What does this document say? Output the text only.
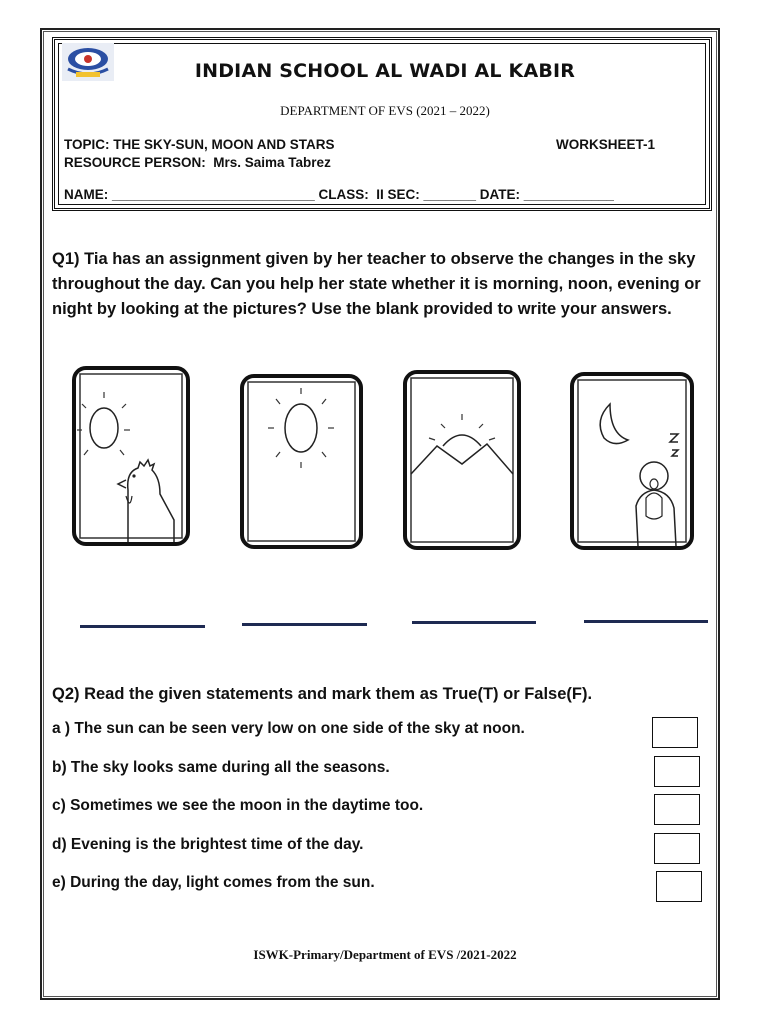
INDIAN SCHOOL AL WADI AL KABIR
DEPARTMENT OF EVS (2021 – 2022)
TOPIC: THE SKY-SUN, MOON AND STARS	WORKSHEET-1
RESOURCE PERSON:  Mrs. Saima Tabrez
NAME: ___________________________ CLASS:  II SEC: _______ DATE: ____________
Q1) Tia has an assignment given by her teacher to observe the changes in the sky throughout the day. Can you help her state whether it is morning, noon, evening or night by looking at the pictures? Use the blank provided to write your answers.
Q2) Read the given statements and mark them as True(T) or False(F).
a ) The sun can be seen very low on one side of the sky at noon.
b) The sky looks same during all the seasons.
c) Sometimes we see the moon in the daytime too.
d) Evening is the brightest time of the day.
e) During the day, light comes from the sun.
ISWK-Primary/Department of EVS /2021-2022
